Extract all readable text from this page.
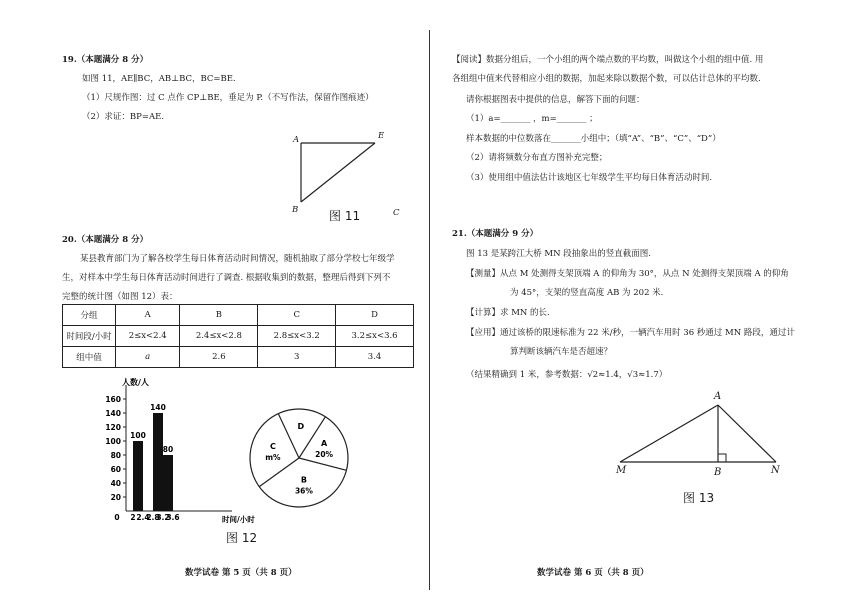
19.（本题满分 8 分）
如图 11，AE∥BC，AB⊥BC，BC=BE.
（1）尺规作图：过 C 点作 CP⊥BE，垂足为 P.（不写作法，保留作图痕迹）
（2）求证：BP=AE.
A	E
B	C
图 11
20.（本题满分 8 分）
某县教育部门为了解各校学生每日体育活动时间情况，随机抽取了部分学校七年级学
生，对样本中学生每日体育活动时间进行了调查. 根据收集到的数据，整理后得到下列不
完整的统计图（如图 12）表：
分组	A	B	C	D
时间段/小时	2≤x<2.4	2.4≤x<2.8	2.8≤x<3.2	3.2≤x<3.6
组中值	a	2.6	3	3.4
人数/人
时间/小时
20
40
60
80
100
120
140
160
0 2 2.4
2.8
3.2
3.6
100
140
80
D
A
20%
B
36%
C
m%
图 12
数学试卷 第 5 页（共 8 页）
【阅读】数据分组后，一个小组的两个端点数的平均数，叫做这个小组的组中值. 用
各组组中值来代替相应小组的数据，加起来除以数据个数，可以估计总体的平均数.
请你根据图表中提供的信息，解答下面的问题：
（1）a=_______ ，m=_______ ；
样本数据的中位数落在_______小组中；（填“A”、“B”、“C”、“D”）
（2）请将频数分布直方图补充完整；
（3）使用组中值法估计该地区七年级学生平均每日体育活动时间.
21.（本题满分 9 分）
图 13 是某跨江大桥 MN 段抽象出的竖直截面图.
【测量】从点 M 处测得支架顶端 A 的仰角为 30°，从点 N 处测得支架顶端 A 的仰角
为 45°，支架的竖直高度 AB 为 202 米.
【计算】求 MN 的长.
【应用】通过该桥的限速标准为 22 米/秒，一辆汽车用时 36 秒通过 MN 路段，通过计
算判断该辆汽车是否超速？
（结果精确到 1 米，参考数据：√2≈1.4，√3≈1.7）
A
M	B	N
图 13
数学试卷 第 6 页（共 8 页）
